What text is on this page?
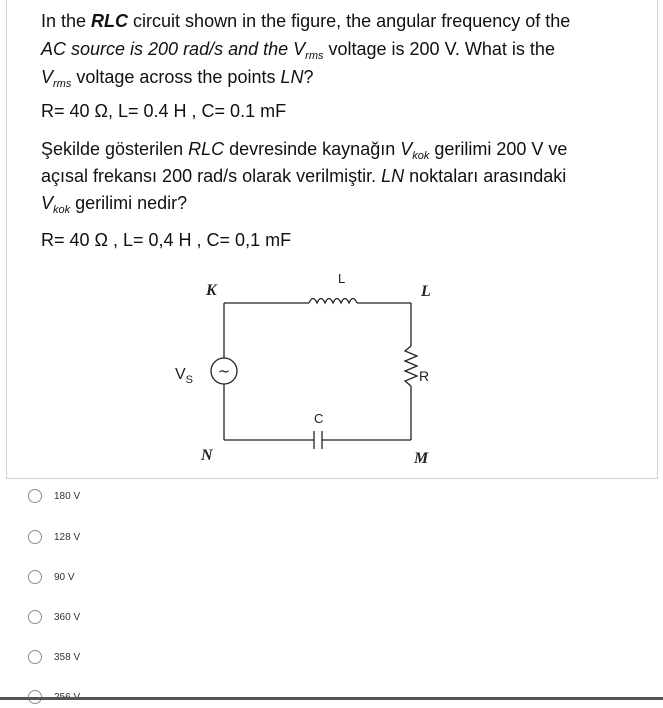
In the RLC circuit shown in the figure, the angular frequency of the
AC source is 200 rad/s and the $V_{rms}$ voltage is 200 V. What is the
$V_{rms}$ voltage across the points LN?
R= 40 Ω, L= 0.4 H , C= 0.1 mF
Şekilde gösterilen RLC devresinde kaynağın $V_{kok}$ gerilimi 200 V ve
açısal frekansı 200 rad/s olarak verilmiştir. LN noktaları arasındaki
$V_{kok}$ gerilimi nedir?
R= 40 Ω , L= 0,4 H , C= 0,1 mF
~
K
L
L
$V_S$	R
C
N	M
180 V
128 V
90 V
360 V
358 V
